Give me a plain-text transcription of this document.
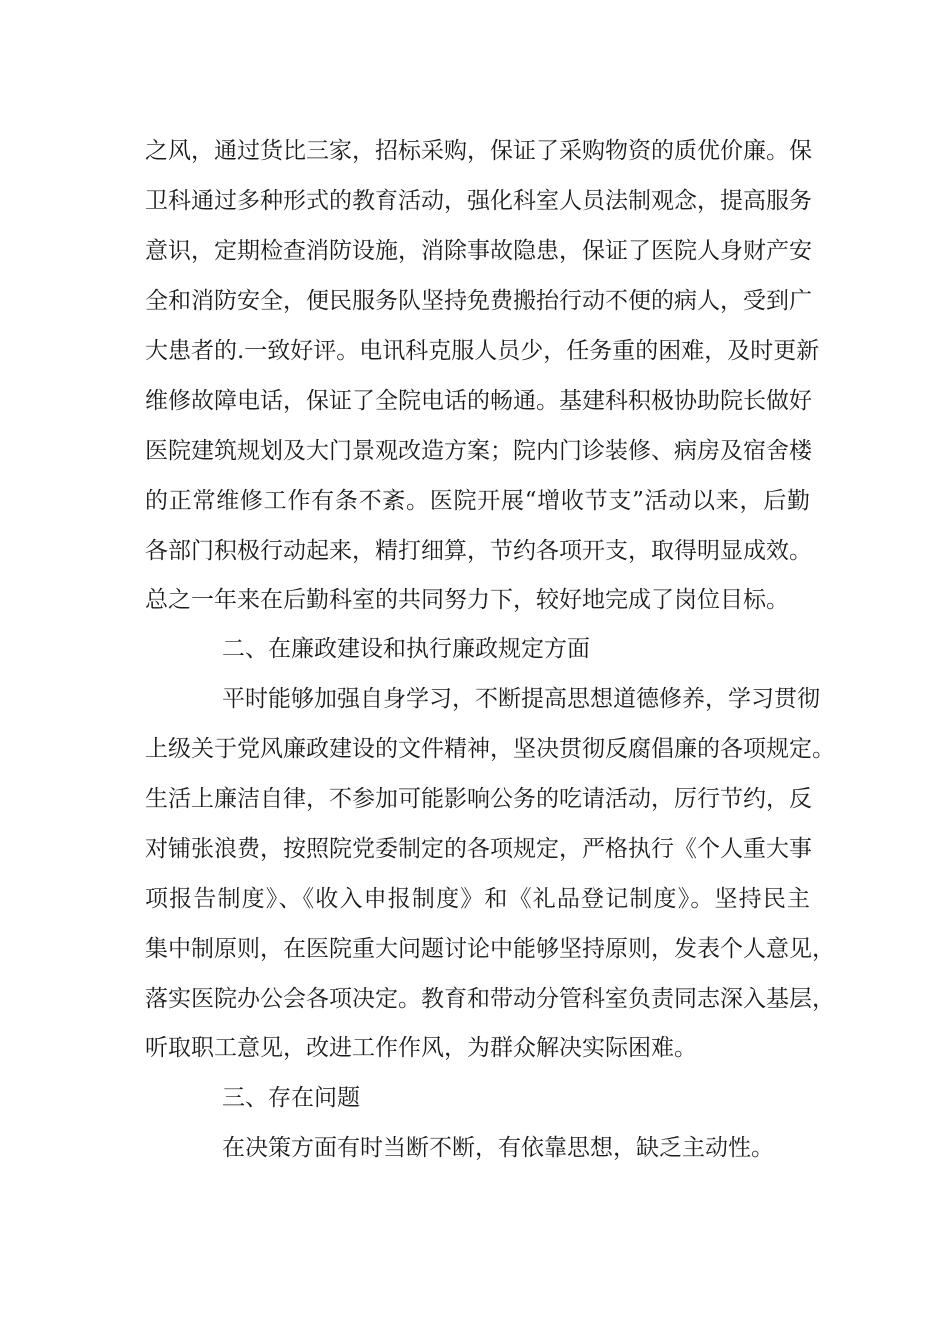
之风，通过货比三家，招标采购，保证了采购物资的质优价廉。保
卫科通过多种形式的教育活动，强化科室人员法制观念，提高服务
意识，定期检查消防设施，消除事故隐患，保证了医院人身财产安
全和消防安全，便民服务队坚持免费搬抬行动不便的病人，受到广
大患者的.一致好评。电讯科克服人员少，任务重的困难，及时更新
维修故障电话，保证了全院电话的畅通。基建科积极协助院长做好
医院建筑规划及大门景观改造方案；院内门诊装修、病房及宿舍楼
的正常维修工作有条不紊。医院开展“增收节支”活动以来，后勤
各部门积极行动起来，精打细算，节约各项开支，取得明显成效。
总之一年来在后勤科室的共同努力下，较好地完成了岗位目标。
二、在廉政建设和执行廉政规定方面
平时能够加强自身学习，不断提高思想道德修养，学习贯彻
上级关于党风廉政建设的文件精神，坚决贯彻反腐倡廉的各项规定。
生活上廉洁自律，不参加可能影响公务的吃请活动，厉行节约，反
对铺张浪费，按照院党委制定的各项规定，严格执行《个人重大事
项报告制度》、《收入申报制度》和《礼品登记制度》。坚持民主
集中制原则，在医院重大问题讨论中能够坚持原则，发表个人意见，
落实医院办公会各项决定。教育和带动分管科室负责同志深入基层，
听取职工意见，改进工作作风，为群众解决实际困难。
三、存在问题
在决策方面有时当断不断，有依靠思想，缺乏主动性。
